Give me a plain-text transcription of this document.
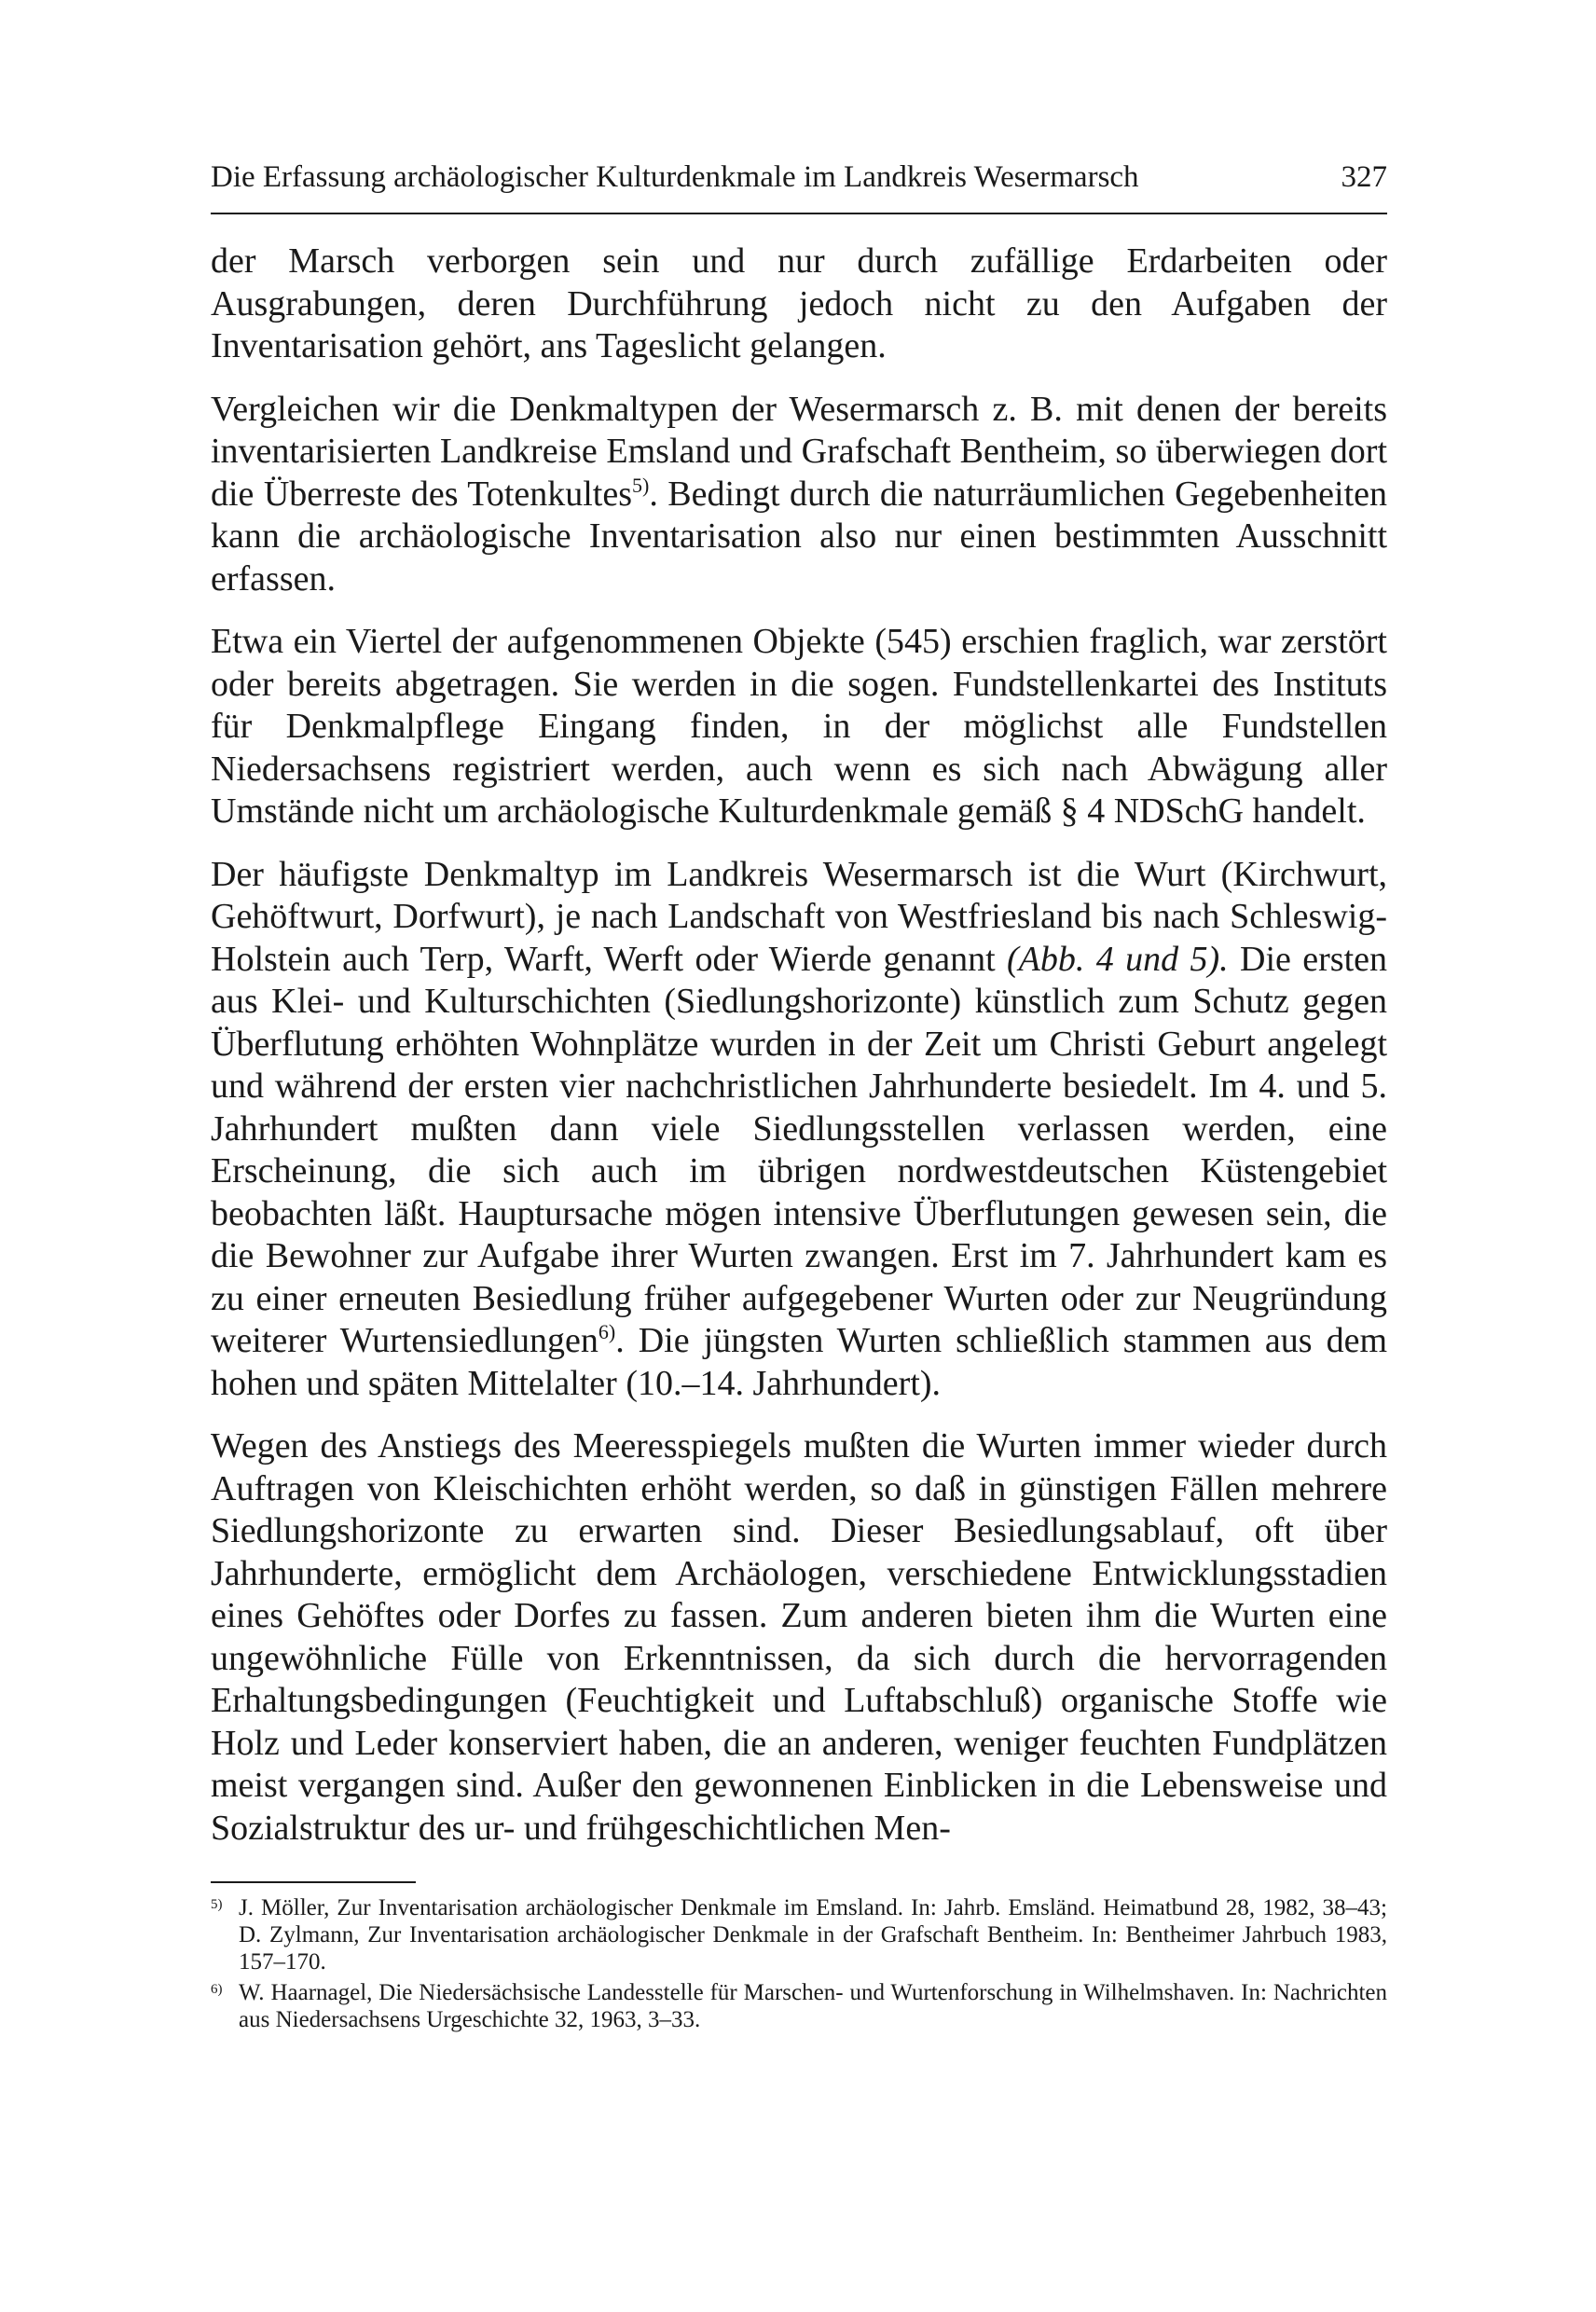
Die Erfassung archäologischer Kulturdenkmale im Landkreis Wesermarsch	327

der Marsch verborgen sein und nur durch zufällige Erdarbeiten oder Ausgrabungen, deren Durchführung jedoch nicht zu den Aufgaben der Inventarisation gehört, ans Tageslicht gelangen.

Vergleichen wir die Denkmaltypen der Wesermarsch z. B. mit denen der bereits inventarisierten Landkreise Emsland und Grafschaft Bentheim, so überwiegen dort die Überreste des Totenkultes$^{5)}$. Bedingt durch die naturräumlichen Gegebenheiten kann die archäologische Inventarisation also nur einen bestimmten Ausschnitt erfassen.

Etwa ein Viertel der aufgenommenen Objekte (545) erschien fraglich, war zerstört oder bereits abgetragen. Sie werden in die sogen. Fundstellenkartei des Instituts für Denkmalpflege Eingang finden, in der möglichst alle Fundstellen Niedersachsens registriert werden, auch wenn es sich nach Abwägung aller Umstände nicht um archäologische Kulturdenkmale gemäß § 4 NDSchG handelt.

Der häufigste Denkmaltyp im Landkreis Wesermarsch ist die Wurt (Kirchwurt, Gehöftwurt, Dorfwurt), je nach Landschaft von Westfriesland bis nach Schleswig-Holstein auch Terp, Warft, Werft oder Wierde genannt (Abb. 4 und 5). Die ersten aus Klei- und Kulturschichten (Siedlungshorizonte) künstlich zum Schutz gegen Überflutung erhöhten Wohnplätze wurden in der Zeit um Christi Geburt angelegt und während der ersten vier nachchristlichen Jahrhunderte besiedelt. Im 4. und 5. Jahrhundert mußten dann viele Siedlungsstellen verlassen werden, eine Erscheinung, die sich auch im übrigen nordwestdeutschen Küstengebiet beobachten läßt. Hauptursache mögen intensive Überflutungen gewesen sein, die die Bewohner zur Aufgabe ihrer Wurten zwangen. Erst im 7. Jahrhundert kam es zu einer erneuten Besiedlung früher aufgegebener Wurten oder zur Neugründung weiterer Wurtensiedlungen$^{6)}$. Die jüngsten Wurten schließlich stammen aus dem hohen und späten Mittelalter (10.–14. Jahrhundert).

Wegen des Anstiegs des Meeresspiegels mußten die Wurten immer wieder durch Auftragen von Kleischichten erhöht werden, so daß in günstigen Fällen mehrere Siedlungshorizonte zu erwarten sind. Dieser Besiedlungsablauf, oft über Jahrhunderte, ermöglicht dem Archäologen, verschiedene Entwicklungsstadien eines Gehöftes oder Dorfes zu fassen. Zum anderen bieten ihm die Wurten eine ungewöhnliche Fülle von Erkenntnissen, da sich durch die hervorragenden Erhaltungsbedingungen (Feuchtigkeit und Luftabschluß) organische Stoffe wie Holz und Leder konserviert haben, die an anderen, weniger feuchten Fundplätzen meist vergangen sind. Außer den gewonnenen Einblicken in die Lebensweise und Sozialstruktur des ur- und frühgeschichtlichen Men-

5) J. Möller, Zur Inventarisation archäologischer Denkmale im Emsland. In: Jahrb. Emsländ. Heimatbund 28, 1982, 38–43; D. Zylmann, Zur Inventarisation archäologischer Denkmale in der Grafschaft Bentheim. In: Bentheimer Jahrbuch 1983, 157–170.
6) W. Haarnagel, Die Niedersächsische Landesstelle für Marschen- und Wurtenforschung in Wilhelmshaven. In: Nachrichten aus Niedersachsens Urgeschichte 32, 1963, 3–33.
